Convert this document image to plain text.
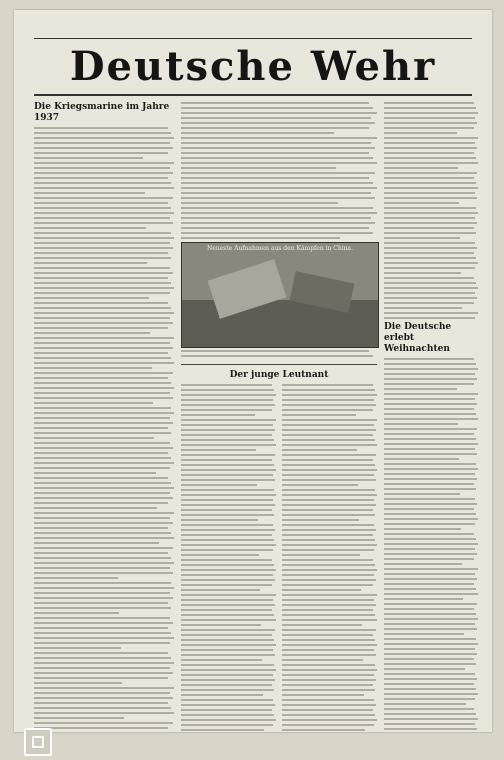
Deutsche Wehr
Die Kriegsmarine im Jahre 1937
Neueste Aufnahmen aus den Kämpfen in China.
Der junge Leutnant
Die Deutsche erlebt Weihnachten
